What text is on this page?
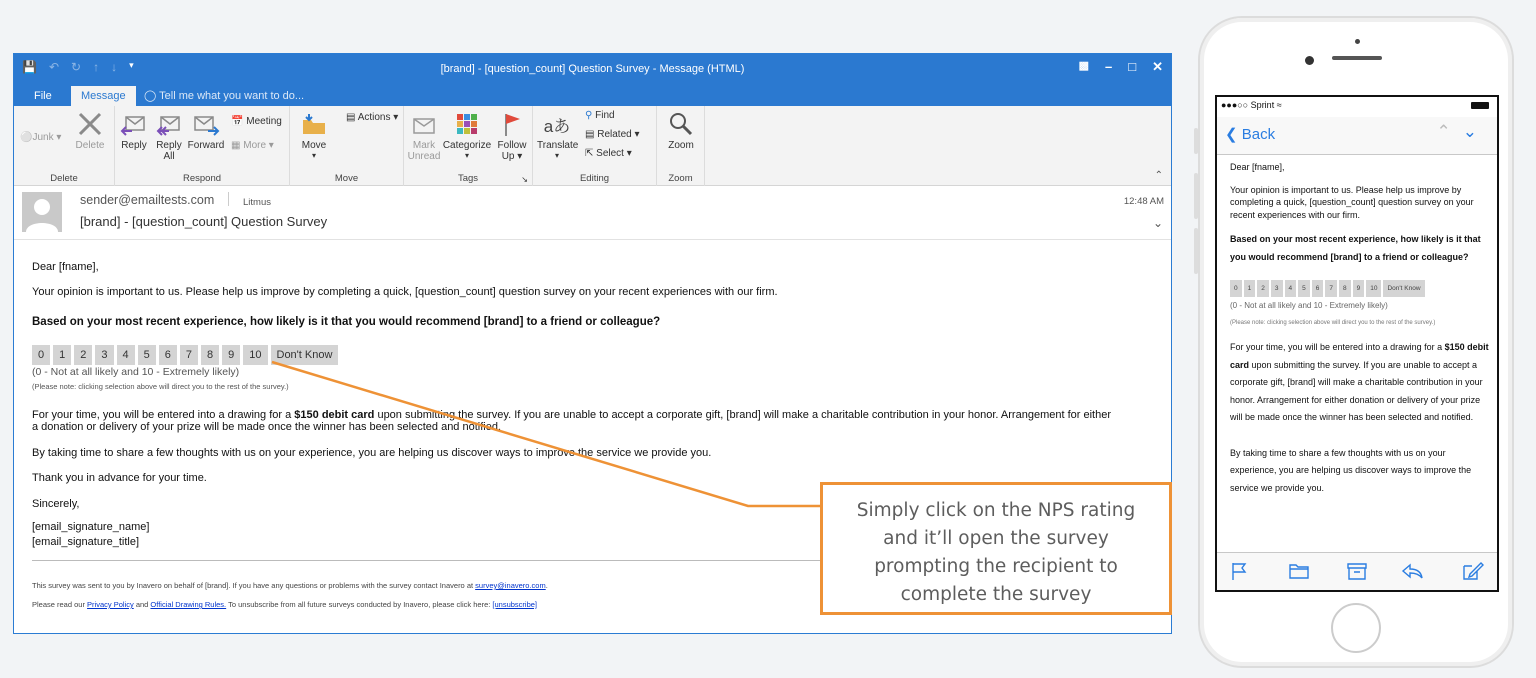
💾 ↶ ↻ ↑ ↓ ▾	[brand] - [question_count] Question Survey - Message (HTML)	▩ – □ ✕
File	Message	◯ Tell me what you want to do...
⚪Junk ▾
Delete
Delete
Reply Reply
All
Forward
📅 Meeting
▦ More ▾
Respond
Move
▾
▤ Actions ▾
Move
Mark
Unread
Categorize
▾
Follow
Up ▾
Tags	↘
aあ
Translate
▾
⚲ Find
▤ Related ▾
⇱ Select ▾
Editing
Zoom
Zoom	⌃
sender@emailtests.com	Litmus
[brand] - [question_count] Question Survey
12:48 AM
⌄

Dear [fname],

Your opinion is important to us. Please help us improve by completing a quick, [question_count] question survey on your recent experiences with our firm.

Based on your most recent experience, how likely is it that you would recommend [brand] to a friend or colleague?

0	1	2	3	4	5	6	7	8	9	10	Don't Know

(0 - Not at all likely and 10 - Extremely likely)

(Please note: clicking selection above will direct you to the rest of the survey.)

For your time, you will be entered into a drawing for a $150 debit card upon submitting the survey. If you are unable to accept a corporate gift, [brand] will make a charitable contribution in your honor. Arrangement for either

a donation or delivery of your prize will be made once the winner has been selected and notified.

By taking time to share a few thoughts with us on your experience, you are helping us discover ways to improve the service we provide you.

Thank you in advance for your time.

Sincerely,

[email_signature_name]

[email_signature_title]

This survey was sent to you by Inavero on behalf of [brand]. If you have any questions or problems with the survey contact Inavero at survey@inavero.com.
Please read our Privacy Policy and Official Drawing Rules. To unsubscribe from all future surveys conducted by Inavero, please click here: [unsubscribe]
Simply click on the NPS rating
and it’ll open the survey
prompting the recipient to
complete the survey
●●●○○ Sprint ≈
❮ Back	⌃⌄

Dear [fname],

Your opinion is important to us. Please help us improve by completing a quick, [question_count] question survey on your recent experiences with our firm.

Based on your most recent experience, how likely is it that you would recommend [brand] to a friend or colleague?

0	1	2	3	4	5	6	7	8	9	10	Don't Know

(0 - Not at all likely and 10 - Extremely likely)

(Please note: clicking selection above will direct you to the rest of the survey.)

For your time, you will be entered into a drawing for a $150 debit card upon submitting the survey. If you are unable to accept a corporate gift, [brand] will make a charitable contribution in your honor. Arrangement for either donation or delivery of your prize will be made once the winner has been selected and notified.

By taking time to share a few thoughts with us on your experience, you are helping us discover ways to improve the service we provide you.
